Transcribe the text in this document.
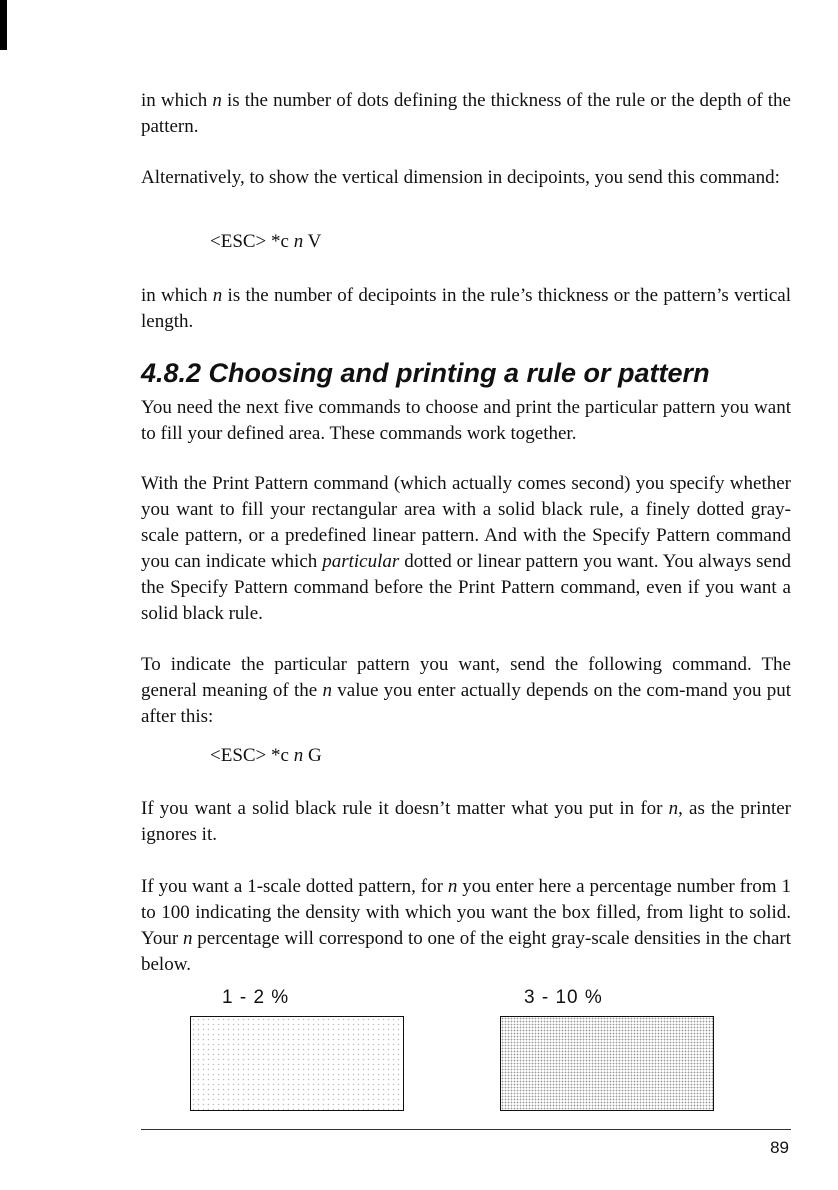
in which n is the number of dots defining the thickness of the rule or the depth of the pattern.

Alternatively, to show the vertical dimension in decipoints, you send this command:

<ESC> *c n V

in which n is the number of decipoints in the rule’s thickness or the pattern’s vertical length.

4.8.2 Choosing and printing a rule or pattern

You need the next five commands to choose and print the particular pattern you want to fill your defined area. These commands work together.

With the Print Pattern command (which actually comes second) you specify whether you want to fill your rectangular area with a solid black rule, a finely dotted gray-scale pattern, or a predefined linear pattern. And with the Specify Pattern command you can indicate which particular dotted or linear pattern you want. You always send the Specify Pattern command before the Print Pattern command, even if you want a solid black rule.

To indicate the particular pattern you want, send the following command. The general meaning of the n value you enter actually depends on the com-mand you put after this:

<ESC> *c n G

If you want a solid black rule it doesn’t matter what you put in for n, as the printer ignores it.

If you want a 1-scale dotted pattern, for n you enter here a percentage number from 1 to 100 indicating the density with which you want the box filled, from light to solid. Your n percentage will correspond to one of the eight gray-scale densities in the chart below.

1 - 2 %	3 - 10 %
89
